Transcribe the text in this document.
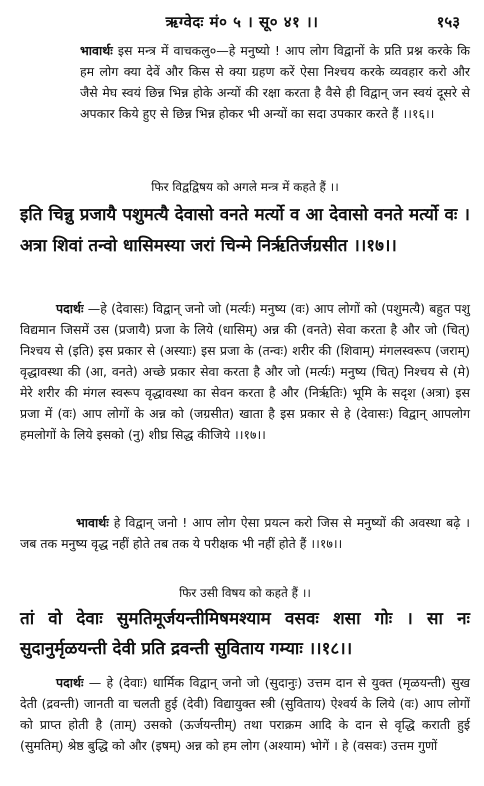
ऋग्वेदः मं० ५ । सू० ४१ ।।	१५३

भावार्थः इस मन्त्र में वाचकलु०—हे मनुष्यो ! आप लोग विद्वानों के प्रति प्रश्न करके कि हम लोग क्या देवें और किस से क्या ग्रहण करें ऐसा निश्चय करके व्यवहार करो और जैसे मेघ स्वयं छिन्न भिन्न होके अन्यों की रक्षा करता है वैसे ही विद्वान् जन स्वयं दूसरे से अपकार किये हुए से छिन्न भिन्न होकर भी अन्यों का सदा उपकार करते हैं ।।१६।।

फिर विद्वद्विषय को अगले मन्त्र में कहते हैं ।।
इति चिन्नु प्रजायै पशुमत्यै देवासो वनते मर्त्यो व आ देवासो वनते मर्त्यो वः । अत्रा शिवां तन्वो धासिमस्या जरां चिन्मे निर्ऋतिर्जग्रसीत ।।१७।।

पदार्थः —हे (देवासः) विद्वान् जनो जो (मर्त्यः) मनुष्य (वः) आप लोगों को (पशुमत्यै) बहुत पशु विद्यमान जिसमें उस (प्रजायै) प्रजा के लिये (धासिम्) अन्न की (वनते) सेवा करता है और जो (चित्) निश्चय से (इति) इस प्रकार से (अस्याः) इस प्रजा के (तन्वः) शरीर की (शिवाम्) मंगलस्वरूप (जराम्) वृद्धावस्था की (आ, वनते) अच्छे प्रकार सेवा करता है और जो (मर्त्यः) मनुष्य (चित्) निश्चय से (मे) मेरे शरीर की मंगल स्वरूप वृद्धावस्था का सेवन करता है और (निर्ऋतिः) भूमि के सदृश (अत्रा) इस प्रजा में (वः) आप लोगों के अन्न को (जग्रसीत) खाता है इस प्रकार से हे (देवासः) विद्वान् आपलोग हमलोगों के लिये इसको (नु) शीघ्र सिद्ध कीजिये ।।१७।।

भावार्थः हे विद्वान् जनो ! आप लोग ऐसा प्रयत्न करो जिस से मनुष्यों की अवस्था बढ़े । जब तक मनुष्य वृद्ध नहीं होते तब तक ये परीक्षक भी नहीं होते हैं ।।१७।।

फिर उसी विषय को कहते हैं ।।
तां वो देवाः सुमतिमूर्जयन्तीमिषमश्याम वसवः शसा गोः । सा नः सुदानुर्मृळयन्ती देवी प्रति द्रवन्ती सुविताय गम्याः ।।१८।।

पदार्थः — हे (देवाः) धार्मिक विद्वान् जनो जो (सुदानुः) उत्तम दान से युक्त (मृळयन्ती) सुख देती (द्रवन्ती) जानती वा चलती हुई (देवी) विद्यायुक्त स्त्री (सुविताय) ऐश्वर्य के लिये (वः) आप लोगों को प्राप्त होती है (ताम्) उसको (ऊर्जयन्तीम्) तथा पराक्रम आदि के दान से वृद्धि कराती हुई (सुमतिम्) श्रेष्ठ बुद्धि को और (इषम्) अन्न को हम लोग (अश्याम) भोगें । हे (वसवः) उत्तम गुणों
